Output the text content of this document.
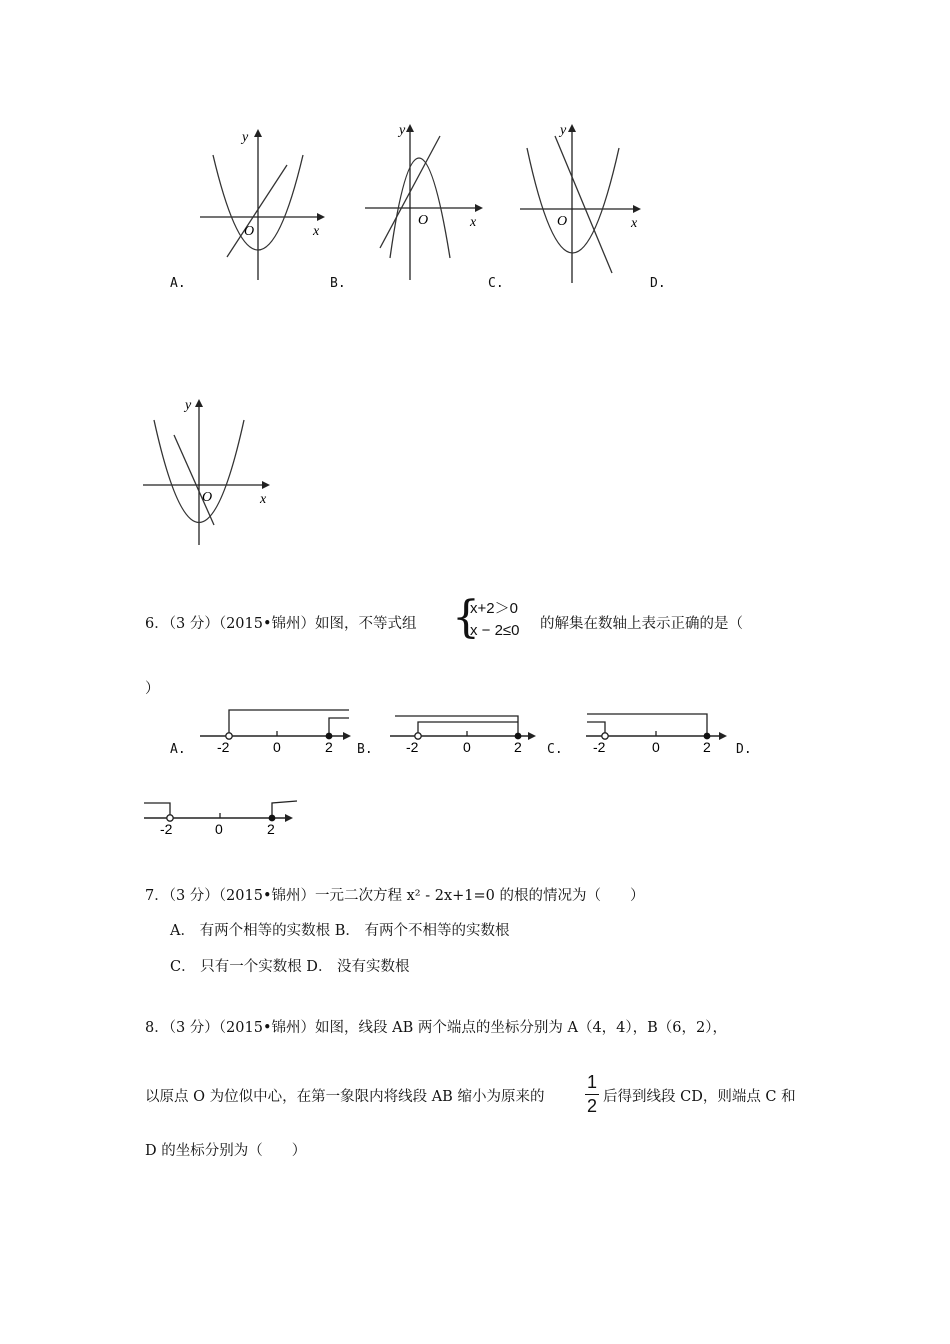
y
x
O
y
x
O
y
x
O
y
x
O
A.	B.	C.	D.
6．（3 分）（2015•锦州）如图，不等式组 {
x+2＞0
x − 2≤0 的解集在数轴上表示正确的是（
）
-2	0	2	-2	0	2	-2	0	2
-2	0	2
A.	B.	C.	D.
7．（3 分）（2015•锦州）一元二次方程 x² - 2x+1=0 的根的情况为（　　）
A． 有两个相等的实数根 B． 有两个不相等的实数根
C． 只有一个实数根 D． 没有实数根
8．（3 分）（2015•锦州）如图，线段 AB 两个端点的坐标分别为 A（4，4），B（6，2），
以原点 O 为位似中心，在第一象限内将线段 AB 缩小为原来的
1
2 后得到线段 CD，则端点 C 和
D 的坐标分别为（　　）
